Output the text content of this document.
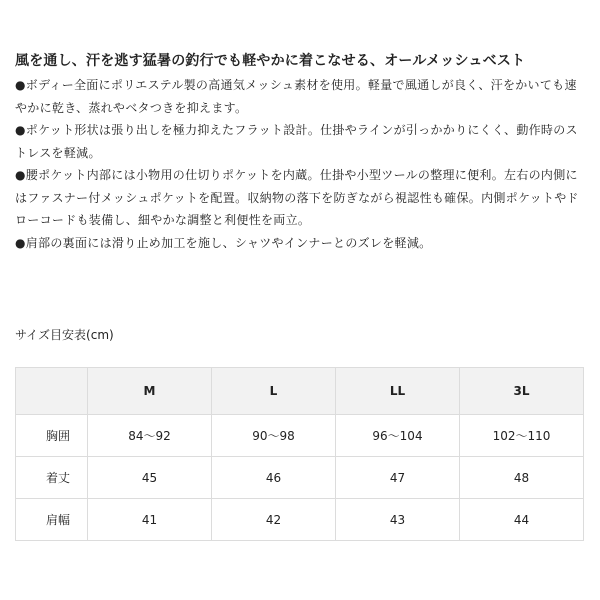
風を通し、汗を逃す猛暑の釣行でも軽やかに着こなせる、オールメッシュベスト
●ボディー全面にポリエステル製の高通気メッシュ素材を使用。軽量で風通しが良く、汗をかいても速やかに乾き、蒸れやベタつきを抑えます。
●ポケット形状は張り出しを極力抑えたフラット設計。仕掛やラインが引っかかりにくく、動作時のストレスを軽減。
●腰ポケット内部には小物用の仕切りポケットを内蔵。仕掛や小型ツールの整理に便利。左右の内側にはファスナー付メッシュポケットを配置。収納物の落下を防ぎながら視認性も確保。内側ポケットやドローコードも装備し、細やかな調整と利便性を両立。
●肩部の裏面には滑り止め加工を施し、シャツやインナーとのズレを軽減。
サイズ目安表(cm)
	M	L	LL	3L
胸囲	84〜92	90〜98	96〜104	102〜110
着丈	45	46	47	48
肩幅	41	42	43	44
